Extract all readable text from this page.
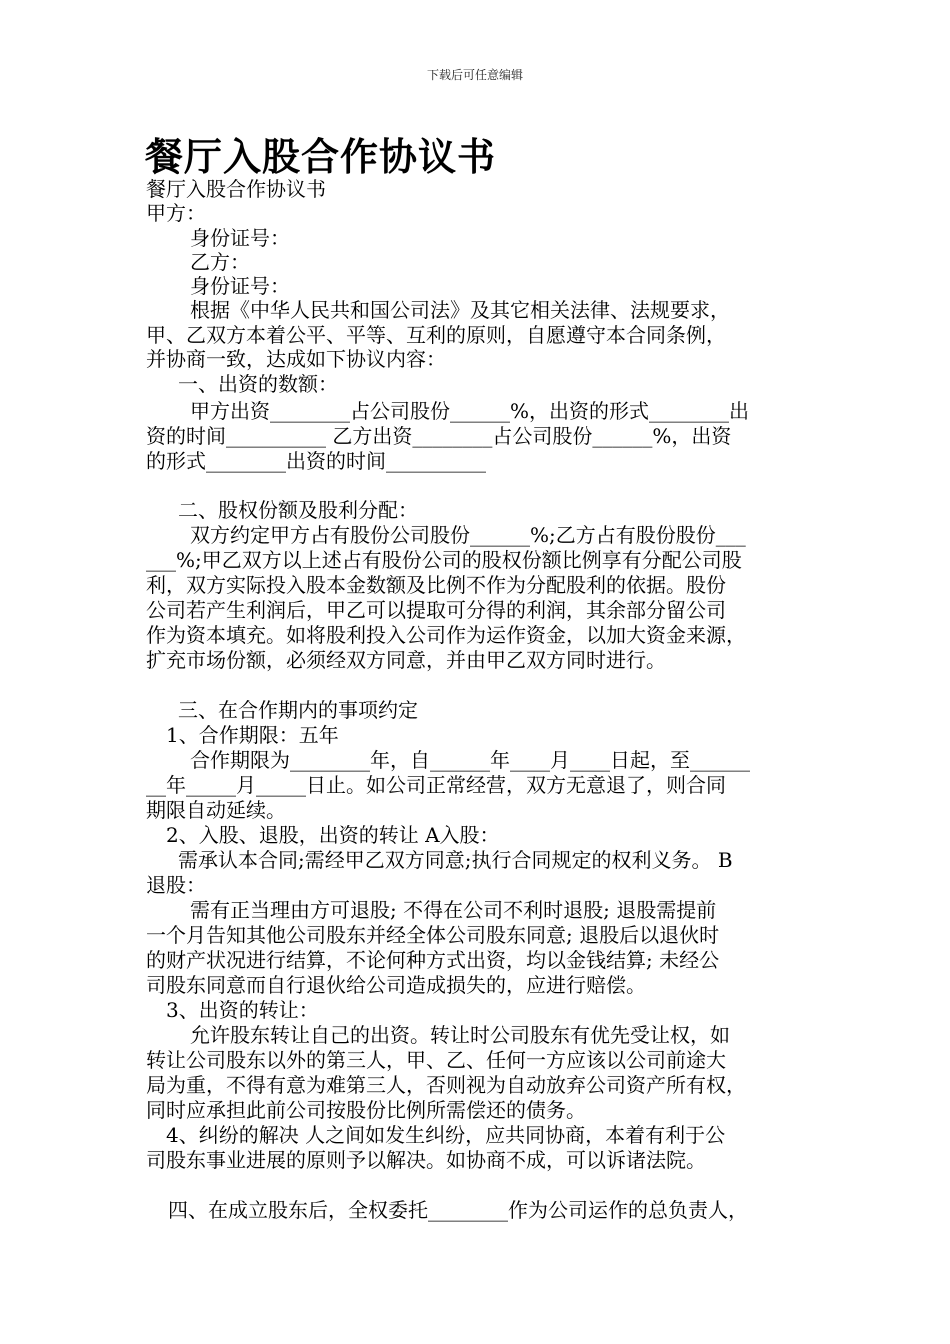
下载后可任意编辑
餐厅入股合作协议书
餐厅入股合作协议书
甲方：
身份证号：
乙方：
身份证号：
根据《中华人民共和国公司法》及其它相关法律、法规要求，
甲、乙双方本着公平、平等、互利的原则，自愿遵守本合同条例，
并协商一致，达成如下协议内容：
一、出资的数额：
甲方出资________占公司股份______%，出资的形式________出
资的时间__________ 乙方出资________占公司股份______%，出资
的形式________出资的时间__________
二、股权份额及股利分配：
双方约定甲方占有股份公司股份______%;乙方占有股份股份___
___%;甲乙双方以上述占有股份公司的股权份额比例享有分配公司股
利，双方实际投入股本金数额及比例不作为分配股利的依据。股份
公司若产生利润后，甲乙可以提取可分得的利润，其余部分留公司
作为资本填充。如将股利投入公司作为运作资金，以加大资金来源，
扩充市场份额，必须经双方同意，并由甲乙双方同时进行。
三、在合作期内的事项约定
1、合作期限：五年
合作期限为________年，自______年____月____日起，至______
__年_____月_____日止。如公司正常经营，双方无意退了，则合同
期限自动延续。
2、入股、退股，出资的转让 A入股：
需承认本合同;需经甲乙双方同意;执行合同规定的权利义务。 B
退股：
需有正当理由方可退股; 不得在公司不利时退股; 退股需提前
一个月告知其他公司股东并经全体公司股东同意; 退股后以退伙时
的财产状况进行结算，不论何种方式出资，均以金钱结算; 未经公
司股东同意而自行退伙给公司造成损失的，应进行赔偿。
3、出资的转让：
允许股东转让自己的出资。转让时公司股东有优先受让权，如
转让公司股东以外的第三人，甲、乙、任何一方应该以公司前途大
局为重，不得有意为难第三人，否则视为自动放弃公司资产所有权，
同时应承担此前公司按股份比例所需偿还的债务。
4、纠纷的解决 人之间如发生纠纷，应共同协商，本着有利于公
司股东事业进展的原则予以解决。如协商不成，可以诉诸法院。
四、在成立股东后，全权委托________作为公司运作的总负责人，
